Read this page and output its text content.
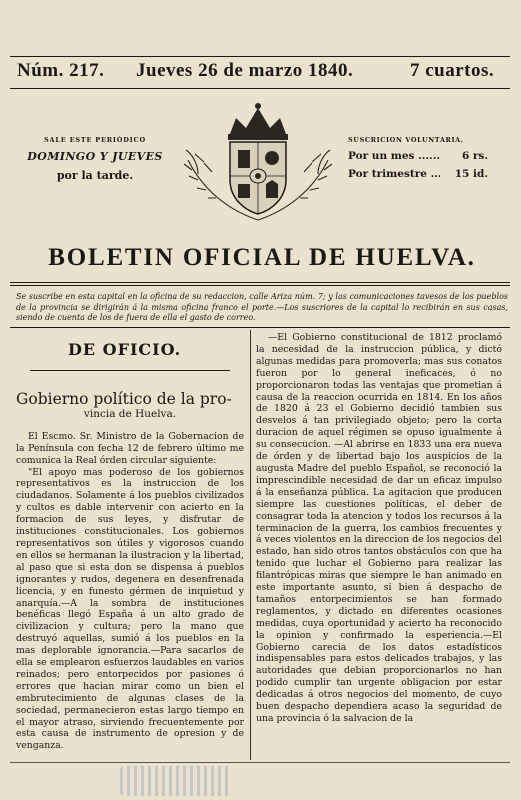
Núm. 217. Jueves 26 de marzo 1840.	7 cuartos.
SALE ESTE PERIÓDICO
DOMINGO Y JUEVES
por la tarde.
SUSCRICION VOLUNTARIA.
Por un mes .....	6 rs.
Por trimestre .....	15 id.
BOLETIN OFICIAL DE HUELVA.
Se suscribe en esta capital en la oficina de su redaccion, calle Ariza núm. 7; y las comunicaciones tavesos de los pueblos de la provincia se dirigirán á la misma oficina franco el porte.—Los suscriores de la capital lo recibirán en sus casas, siendo de cuenta de los de fuera de ella el gasto de correo.
DE OFICIO.
Gobierno político de la pro-
vincia de Huelva.

El Escmo. Sr. Ministro de la Gobernacion de la Península con fecha 12 de febrero último me comunica la Real órden circular siguiente:

"El apoyo mas poderoso de los gobiernos representativos es la instruccion de los ciudadanos. Solamente á los pueblos civilizados y cultos es dable intervenir con acierto en la formacion de sus leyes, y disfrutar de instituciones constitucionales. Los gobiernos representativos son útiles y vigorosos cuando en ellos se hermanan la ilustracion y la libertad, al paso que si esta don se dispensa á pueblos ignorantes y rudos, degenera en desenfrenada licencia, y en funesto gérmen de inquietud y anarquía.—A la sombra de instituciones benéficas llegó España á un alto grado de civilizacion y cultura; pero la mano que destruyó aquellas, sumió á los pueblos en la mas deplorable ignorancia.—Para sacarlos de ella se emplearon esfuerzos laudables en varios reinados; pero entorpecidos por pasiones ó errores que hacian mirar como un bien el embrutecimiento de algunas clases de la sociedad, permanecieron estas largo tiempo en el mayor atraso, sirviendo frecuentemente por esta causa de instrumento de opresion y de venganza.

—El Gobierno constitucional de 1812 proclamó la necesidad de la instruccion pública, y dictó algunas medidas para promoverla; mas sus conatos fueron por lo general ineficaces, ó no proporcionaron todas las ventajas que prometian á causa de la reaccion ocurrida en 1814. En los años de 1820 á 23 el Gobierno decidió tambien sus desvelos á tan privilegiado objeto; pero la corta duracion de aquel régimen se opuso igualmente á su consecucion. —Al abrirse en 1833 una era nueva de órden y de libertad bajo los auspicios de la augusta Madre del pueblo Español, se reconoció la imprescindible necesidad de dar un eficaz impulso á la enseñanza pública. La agitacion que producen siempre las cuestiones políticas, el deber de consagrar toda la atencion y todos los recursos á la terminacion de la guerra, los cambios frecuentes y á veces violentos en la direccion de los negocios del estado, han sido otros tantos obstáculos con que ha tenido que luchar el Gobierno para realizar las filantrópicas miras que siempre le han animado en este importante asunto, si bien á despacho de tamaños entorpecimientos se han formado reglamentos, y dictado en diferentes ocasiones medidas, cuya oportunidad y acierto ha reconocido la opinion y confirmado la esperiencia.—El Gobierno carecia de los datos estadísticos indispensables para estos delicados trabajos, y las autoridades que debian proporcionarlos no han podido cumplir tan urgente obligacion por estar dedicadas á otros negocios del momento, de cuyo buen despacho dependiera acaso la seguridad de una provincia ó la salvacion de la
